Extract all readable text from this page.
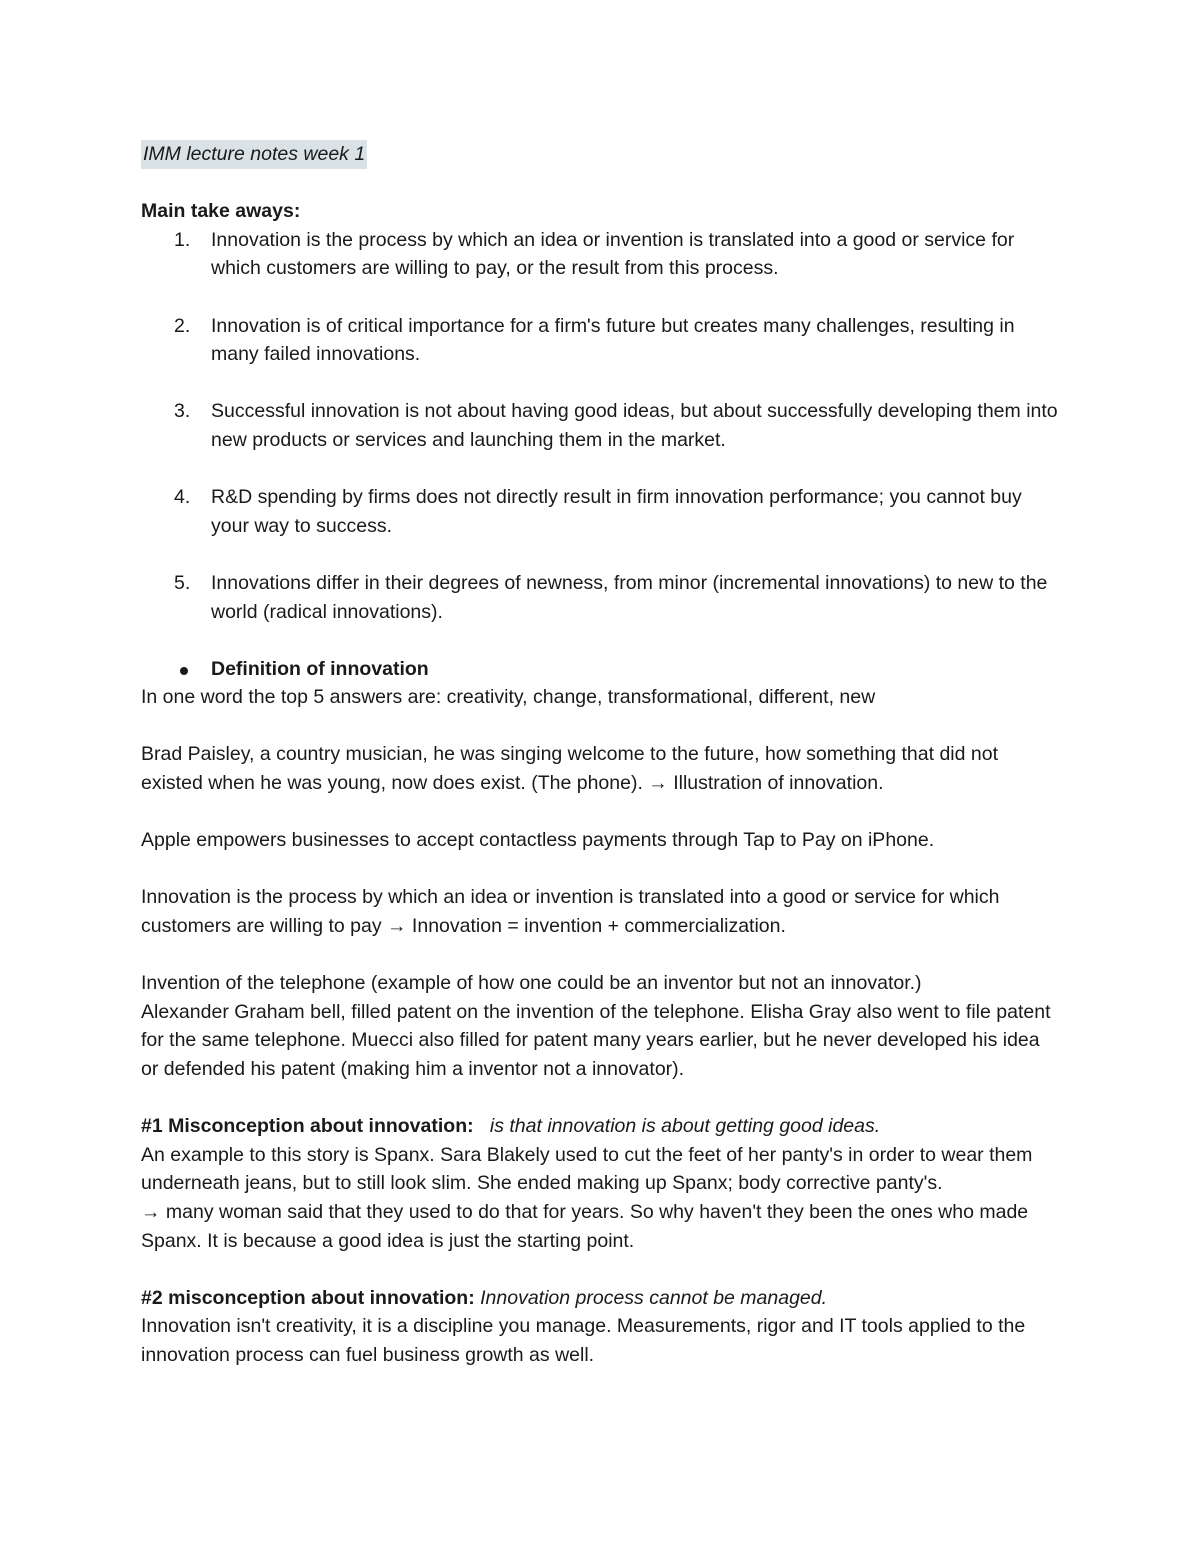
IMM lecture notes week 1

Main take aways:

1. Innovation is the process by which an idea or invention is translated into a good or service for which customers are willing to pay, or the result from this process.
2. Innovation is of critical importance for a firm's future but creates many challenges, resulting in many failed innovations.
3. Successful innovation is not about having good ideas, but about successfully developing them into new products or services and launching them in the market.
4. R&D spending by firms does not directly result in firm innovation performance; you cannot buy your way to success.
5. Innovations differ in their degrees of newness, from minor (incremental innovations) to new to the world (radical innovations).

Definition of innovation

In one word the top 5 answers are: creativity, change, transformational, different, new

Brad Paisley, a country musician, he was singing welcome to the future, how something that did not existed when he was young, now does exist. (The phone). → Illustration of innovation.

Apple empowers businesses to accept contactless payments through Tap to Pay on iPhone.

Innovation is the process by which an idea or invention is translated into a good or service for which customers are willing to pay → Innovation = invention + commercialization.

Invention of the telephone (example of how one could be an inventor but not an innovator.)

Alexander Graham bell, filled patent on the invention of the telephone. Elisha Gray also went to file patent for the same telephone. Muecci also filled for patent many years earlier, but he never developed his idea or defended his patent (making him a inventor not a innovator).

#1 Misconception about innovation: is that innovation is about getting good ideas.

An example to this story is Spanx. Sara Blakely used to cut the feet of her panty's in order to wear them underneath jeans, but to still look slim. She ended making up Spanx; body corrective panty's.

→ many woman said that they used to do that for years. So why haven't they been the ones who made Spanx. It is because a good idea is just the starting point.

#2 misconception about innovation: Innovation process cannot be managed.

Innovation isn't creativity, it is a discipline you manage. Measurements, rigor and IT tools applied to the innovation process can fuel business growth as well.
